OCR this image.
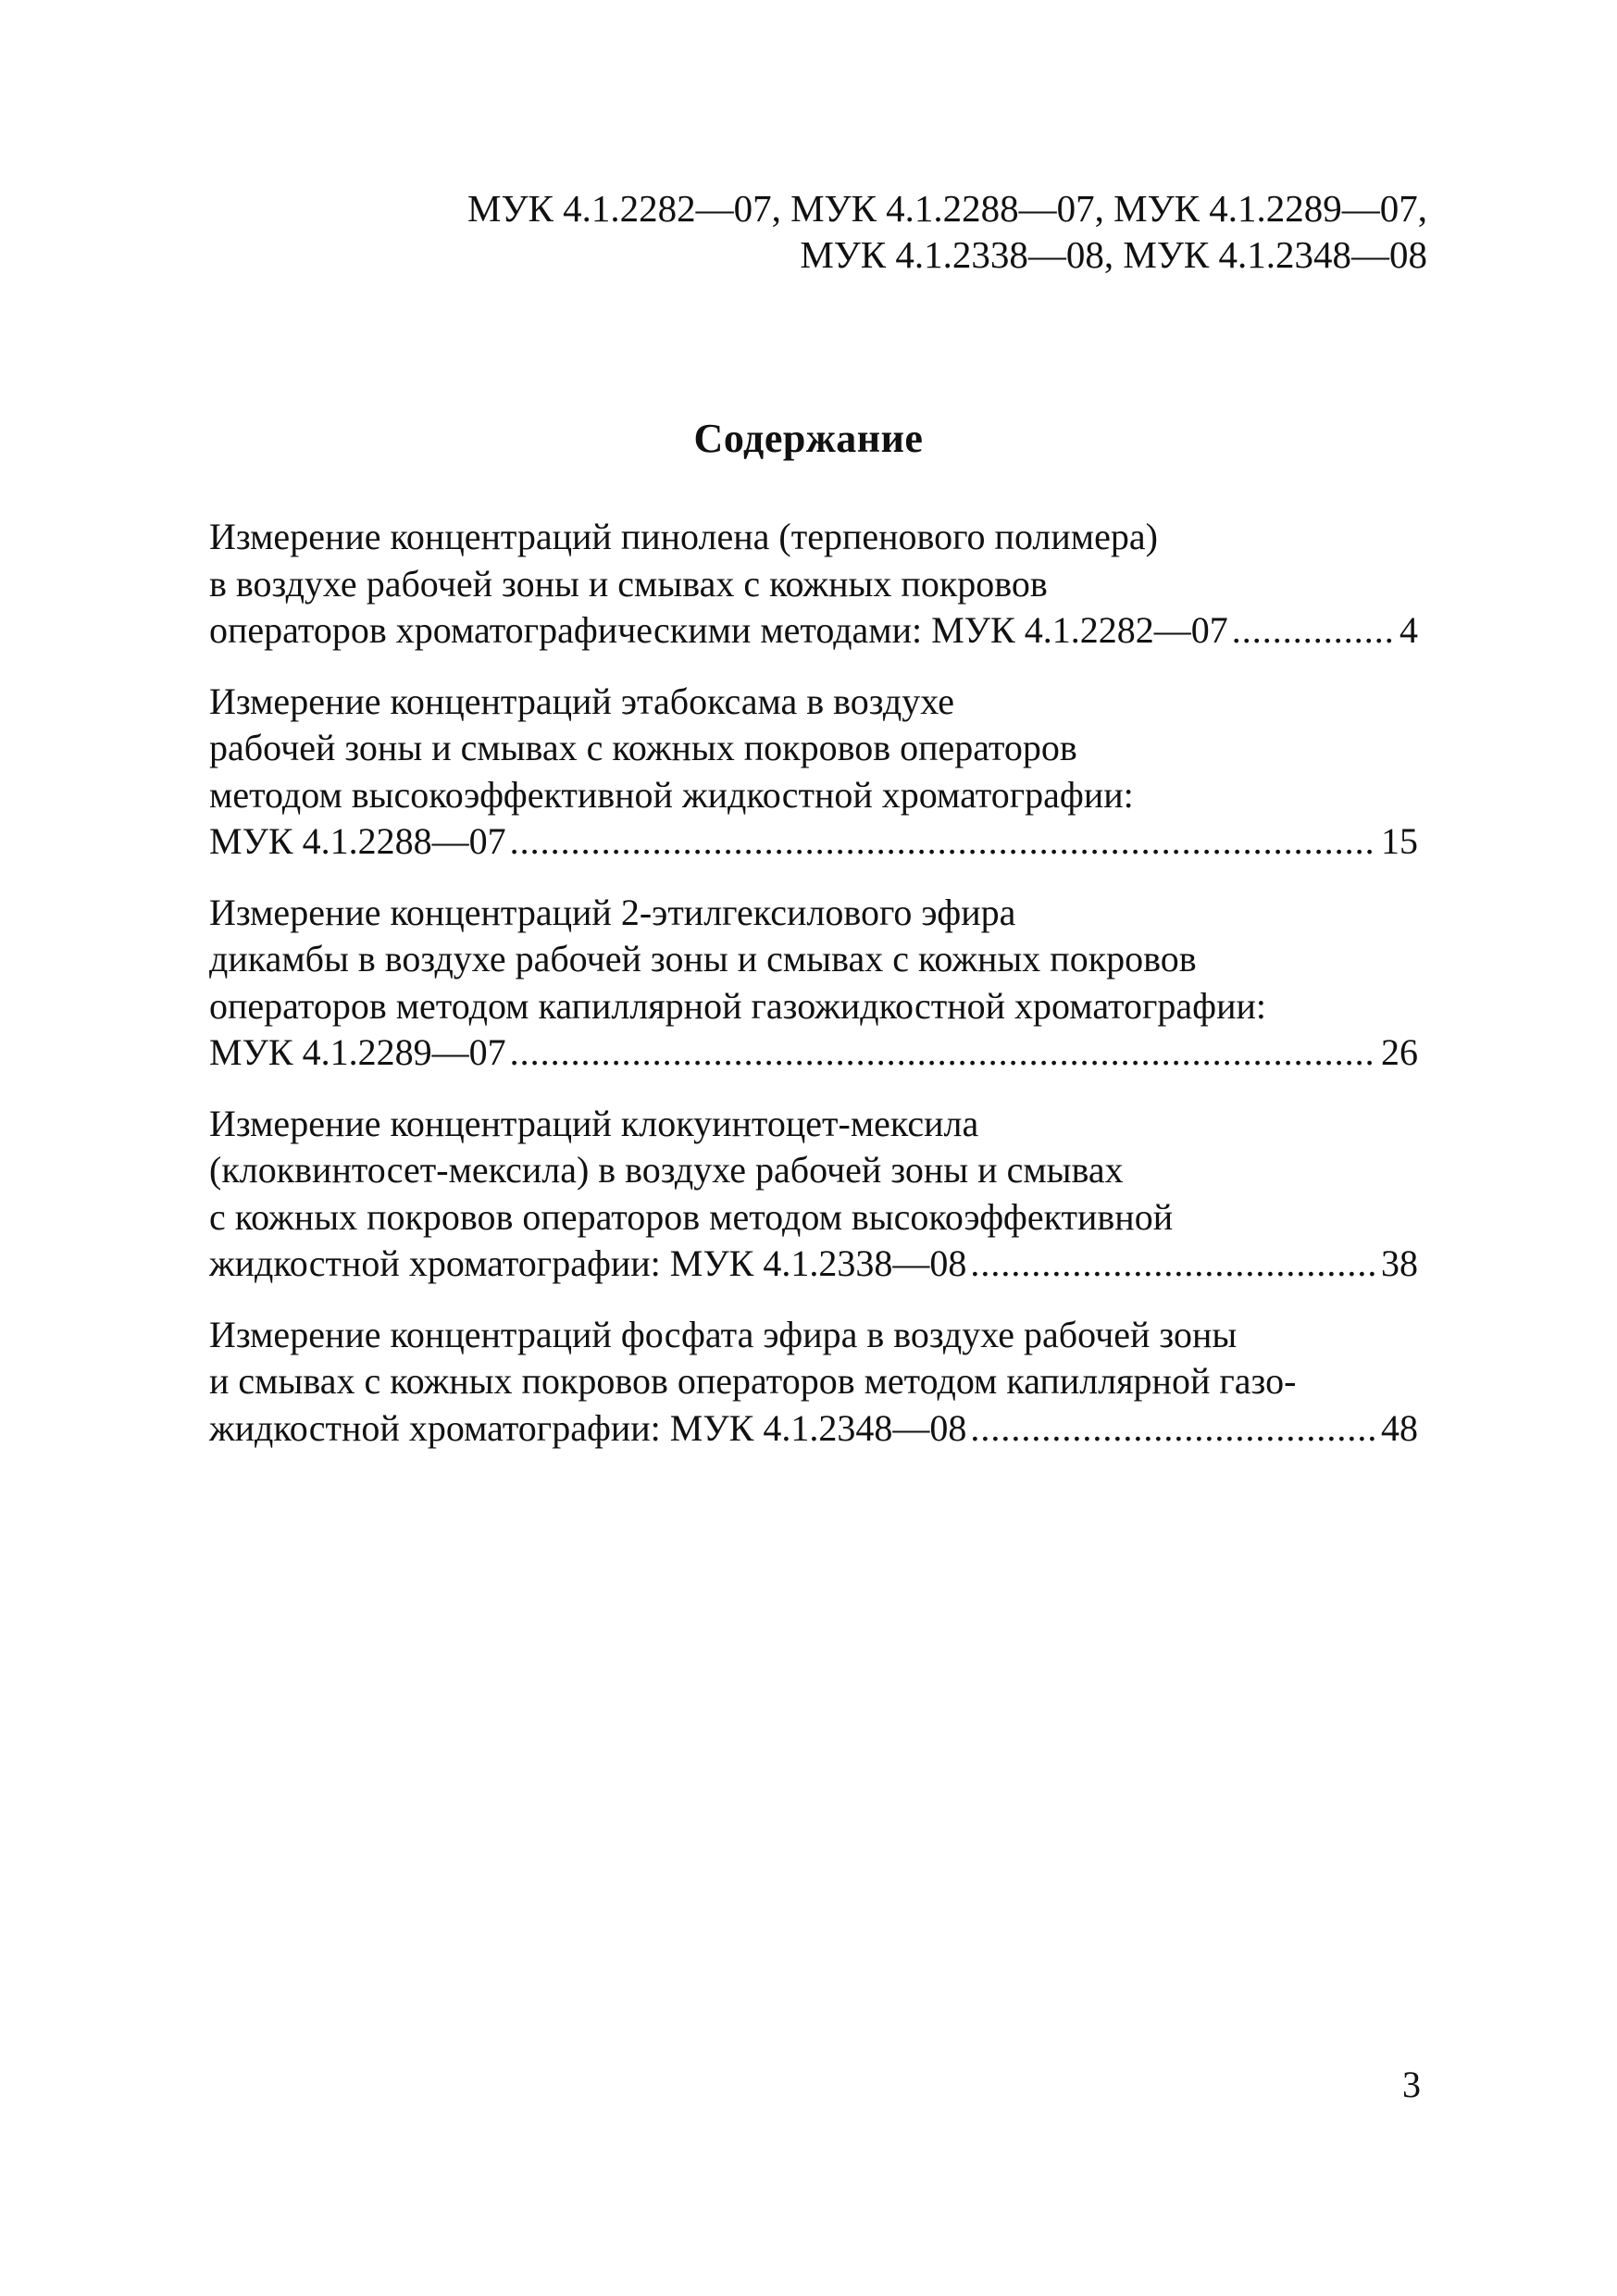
МУК 4.1.2282—07, МУК 4.1.2288—07, МУК 4.1.2289—07,
МУК 4.1.2338—08, МУК 4.1.2348—08
Содержание
Измерение концентраций пинолена (терпенового полимера)
в воздухе рабочей зоны и смывах с кожных покровов
операторов хроматографическими методами: МУК 4.1.2282—07 .....	4
Измерение концентраций этабоксама в воздухе
рабочей зоны и смывах с кожных покровов операторов
методом высокоэффективной жидкостной хроматографии:
МУК 4.1.2288—07 .....	15
Измерение концентраций 2-этилгексилового эфира
дикамбы в воздухе рабочей зоны и смывах с кожных покровов
операторов методом капиллярной газожидкостной хроматографии:
МУК 4.1.2289—07 .....	26
Измерение концентраций клокуинтоцет-мексила
(клоквинтосет-мексила) в воздухе рабочей зоны и смывах
с кожных покровов операторов методом высокоэффективной
жидкостной хроматографии: МУК 4.1.2338—08 .....	38
Измерение концентраций фосфата эфира в воздухе рабочей зоны
и смывах с кожных покровов операторов методом капиллярной газо-
жидкостной хроматографии: МУК 4.1.2348—08 .....	48
3
